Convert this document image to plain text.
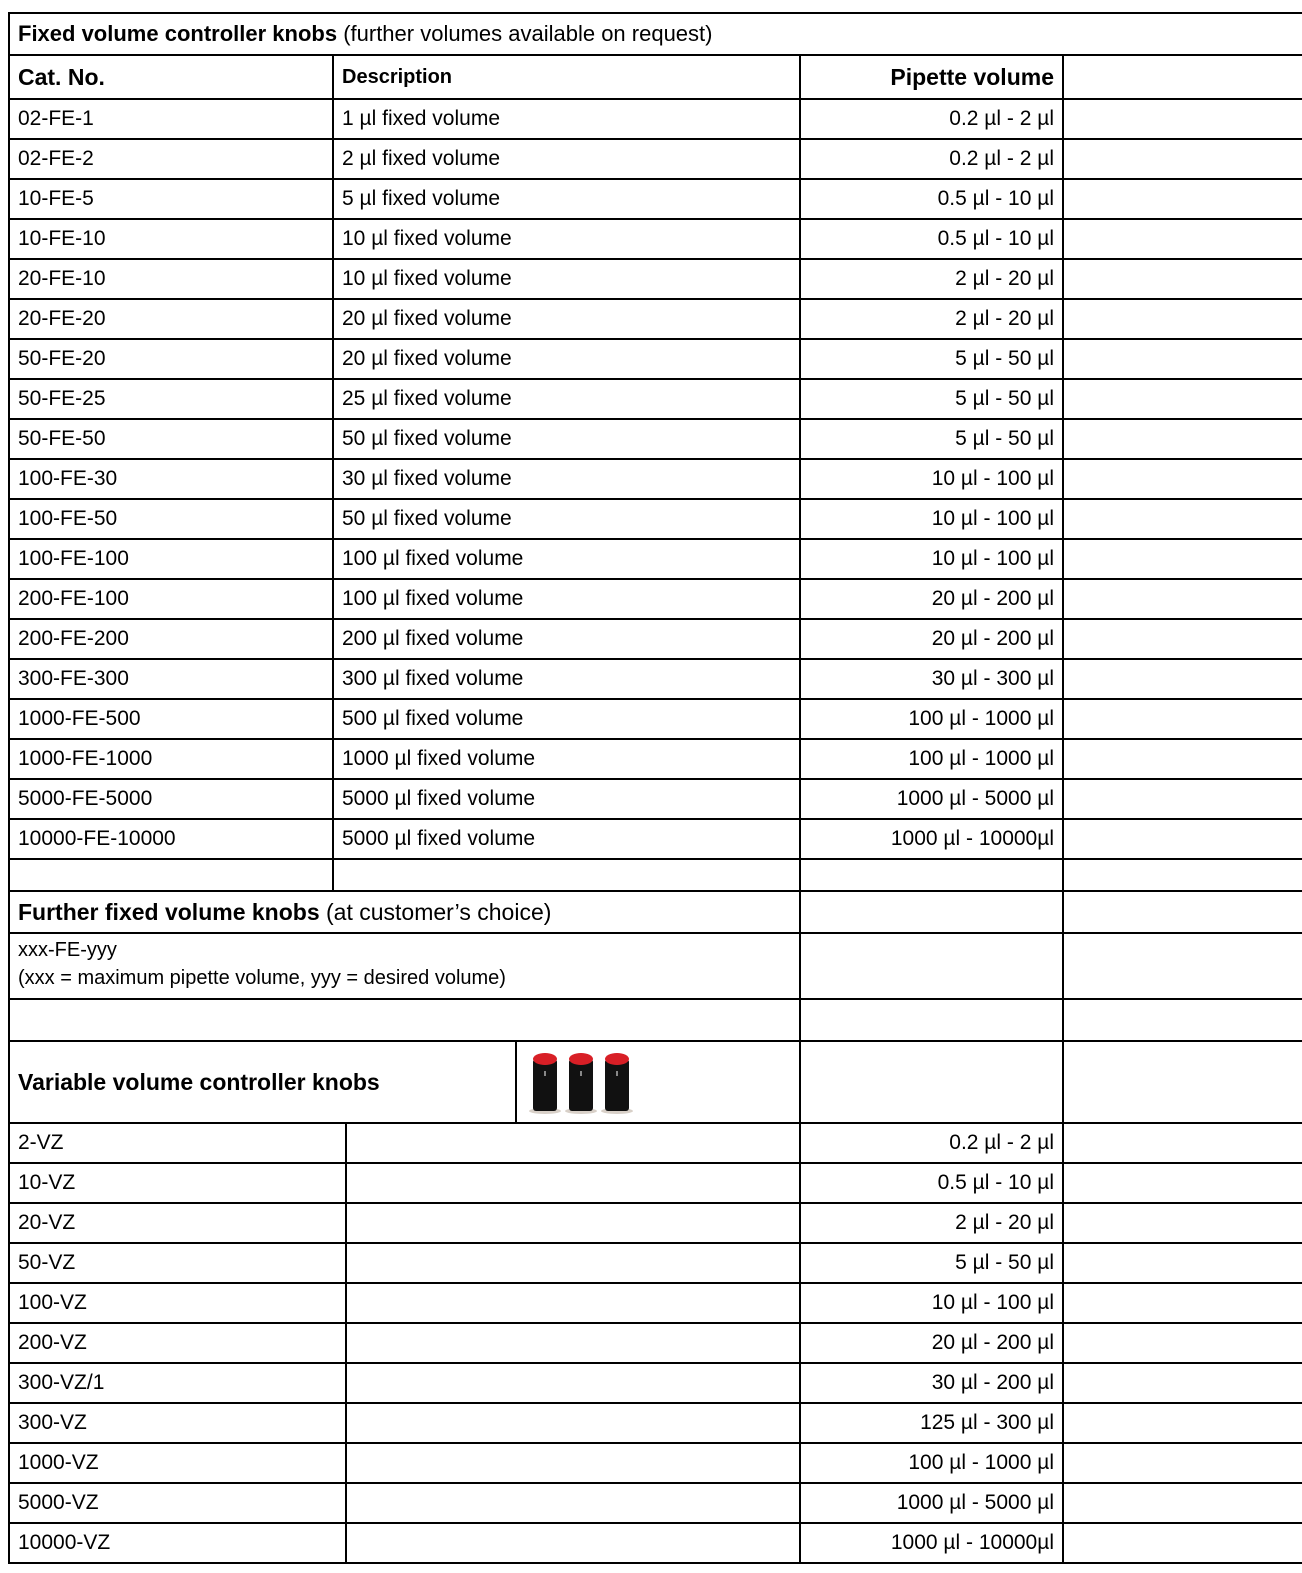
Fixed volume controller knobs (further volumes available on request)					
Cat. No.	Description			Pipette volume	
02-FE-1	1 µl fixed volume			0.2 µl - 2 µl	
02-FE-2	2 µl fixed volume			0.2 µl - 2 µl	
10-FE-5	5 µl fixed volume			0.5 µl - 10 µl	
10-FE-10	10 µl fixed volume			0.5 µl - 10 µl	
20-FE-10	10 µl fixed volume			2 µl - 20 µl	
20-FE-20	20 µl fixed volume			2 µl - 20 µl	
50-FE-20	20 µl fixed volume			5 µl - 50 µl	
50-FE-25	25 µl fixed volume			5 µl - 50 µl	
50-FE-50	50 µl fixed volume			5 µl - 50 µl	
100-FE-30	30 µl fixed volume			10 µl - 100 µl	
100-FE-50	50 µl fixed volume			10 µl - 100 µl	
100-FE-100	100 µl fixed volume			10 µl - 100 µl	
200-FE-100	100 µl fixed volume			20 µl - 200 µl	
200-FE-200	200 µl fixed volume			20 µl - 200 µl	
300-FE-300	300 µl fixed volume			30 µl - 300 µl	
1000-FE-500	500 µl fixed volume			100 µl - 1000 µl	
1000-FE-1000	1000 µl fixed volume			100 µl - 1000 µl	
5000-FE-5000	5000 µl fixed volume			1000 µl - 5000 µl	
10000-FE-10000	5000 µl fixed volume			1000 µl - 10000µl	

Further fixed volume knobs (at customer’s choice)					

xxx-FE-yyy
(xxx = maximum pipette volume, yyy = desired volume)					

Variable volume controller knobs	

2-VZ				0.2 µl - 2 µl	
10-VZ				0.5 µl - 10 µl	
20-VZ				2 µl - 20 µl	
50-VZ				5 µl - 50 µl	
100-VZ				10 µl - 100 µl	
200-VZ				20 µl - 200 µl	
300-VZ/1				30 µl - 200 µl	
300-VZ				125 µl - 300 µl	
1000-VZ				100 µl - 1000 µl	
5000-VZ				1000 µl - 5000 µl	
10000-VZ				1000 µl - 10000µl	
